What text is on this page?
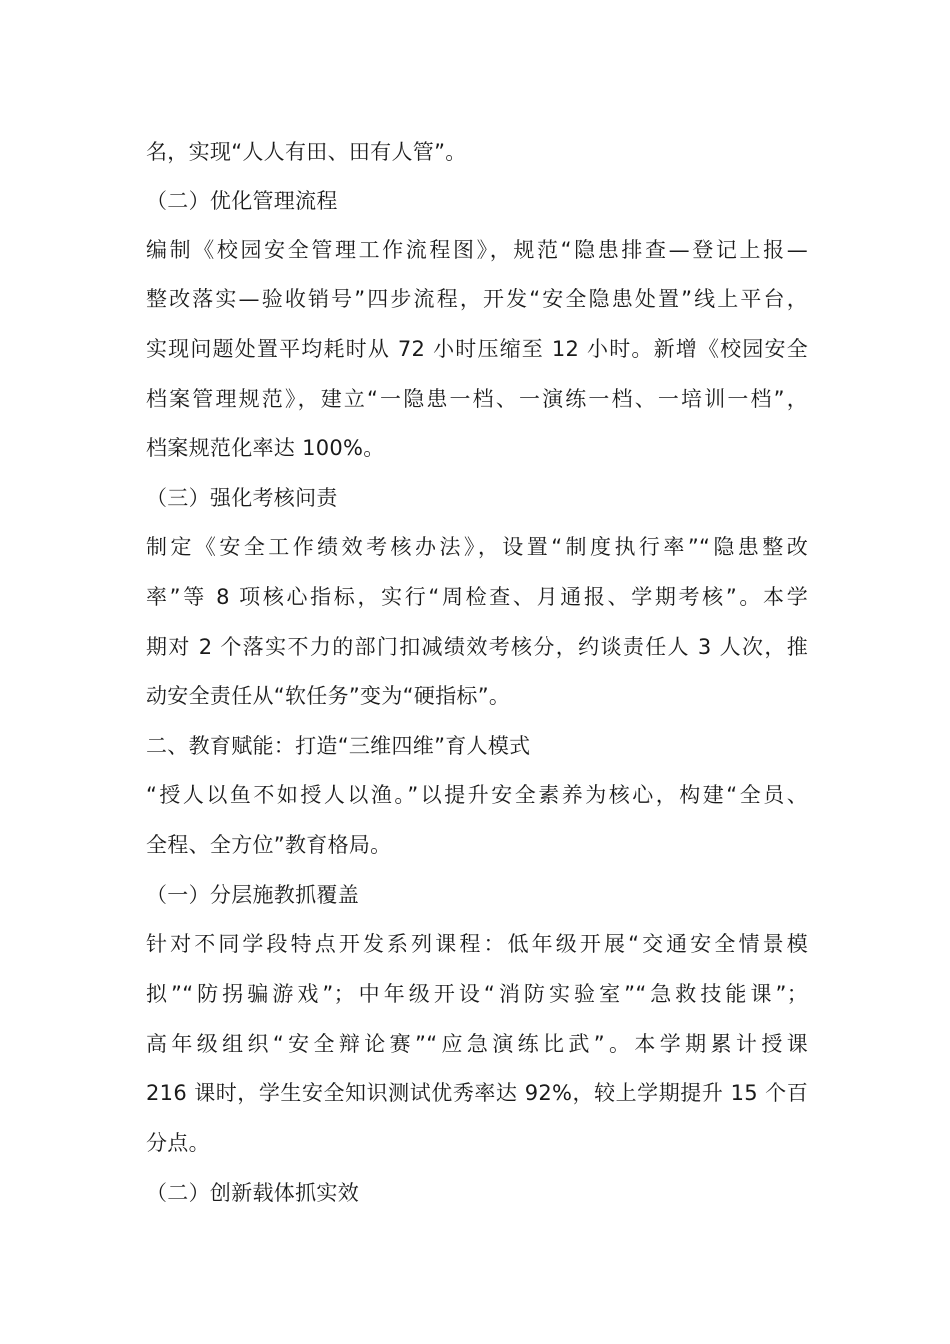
名，实现“人人有田、田有人管”。
（二）优化管理流程
编制《校园安全管理工作流程图》，规范“隐患排查—登记上报—
整改落实—验收销号”四步流程，开发“安全隐患处置”线上平台，
实现问题处置平均耗时从 72 小时压缩至 12 小时。新增《校园安全
档案管理规范》，建立“一隐患一档、一演练一档、一培训一档”，
档案规范化率达 100%。
（三）强化考核问责
制定《安全工作绩效考核办法》，设置“制度执行率”“隐患整改
率”等 8 项核心指标，实行“周检查、月通报、学期考核”。本学
期对 2 个落实不力的部门扣减绩效考核分，约谈责任人 3 人次，推
动安全责任从“软任务”变为“硬指标”。
二、教育赋能：打造“三维四维”育人模式
“授人以鱼不如授人以渔。”以提升安全素养为核心，构建“全员、
全程、全方位”教育格局。
（一）分层施教抓覆盖
针对不同学段特点开发系列课程：低年级开展“交通安全情景模
拟”“防拐骗游戏”；中年级开设“消防实验室”“急救技能课”；
高年级组织“安全辩论赛”“应急演练比武”。本学期累计授课
216 课时，学生安全知识测试优秀率达 92%，较上学期提升 15 个百
分点。
（二）创新载体抓实效
